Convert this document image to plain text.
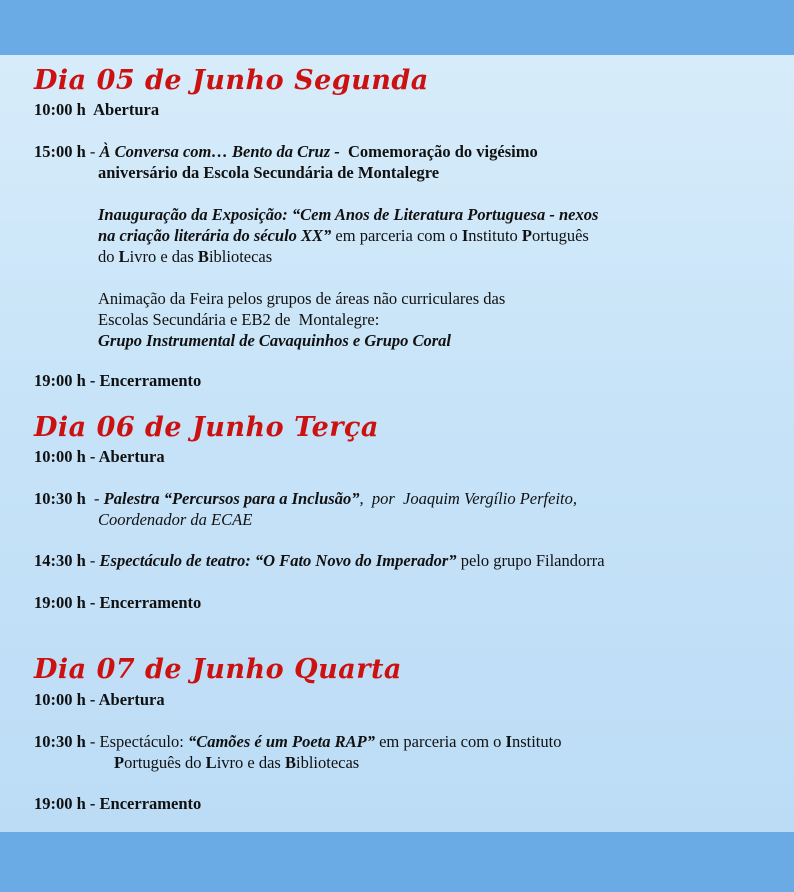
Dia 05 de Junho Segunda
10:00 h Abertura
15:00 h - À Conversa com… Bento da Cruz -  Comemoração do vigésimo
aniversário da Escola Secundária de Montalegre
Inauguração da Exposição: “Cem Anos de Literatura Portuguesa - nexos
na criação literária do século XX” em parceria com o Instituto Português
do Livro e das Bibliotecas
Animação da Feira pelos grupos de áreas não curriculares das
Escolas Secundária e EB2 de  Montalegre:
Grupo Instrumental de Cavaquinhos e Grupo Coral
19:00 h - Encerramento
Dia 06 de Junho Terça
10:00 h - Abertura
10:30 h  - Palestra “Percursos para a Inclusão”,  por  Joaquim Vergílio Perfeito,
Coordenador da ECAE
14:30 h - Espectáculo de teatro: “O Fato Novo do Imperador” pelo grupo Filandorra
19:00 h - Encerramento
Dia 07 de Junho Quarta
10:00 h - Abertura
10:30 h - Espectáculo: “Camões é um Poeta RAP” em parceria com o Instituto
Português do Livro e das Bibliotecas
19:00 h - Encerramento
